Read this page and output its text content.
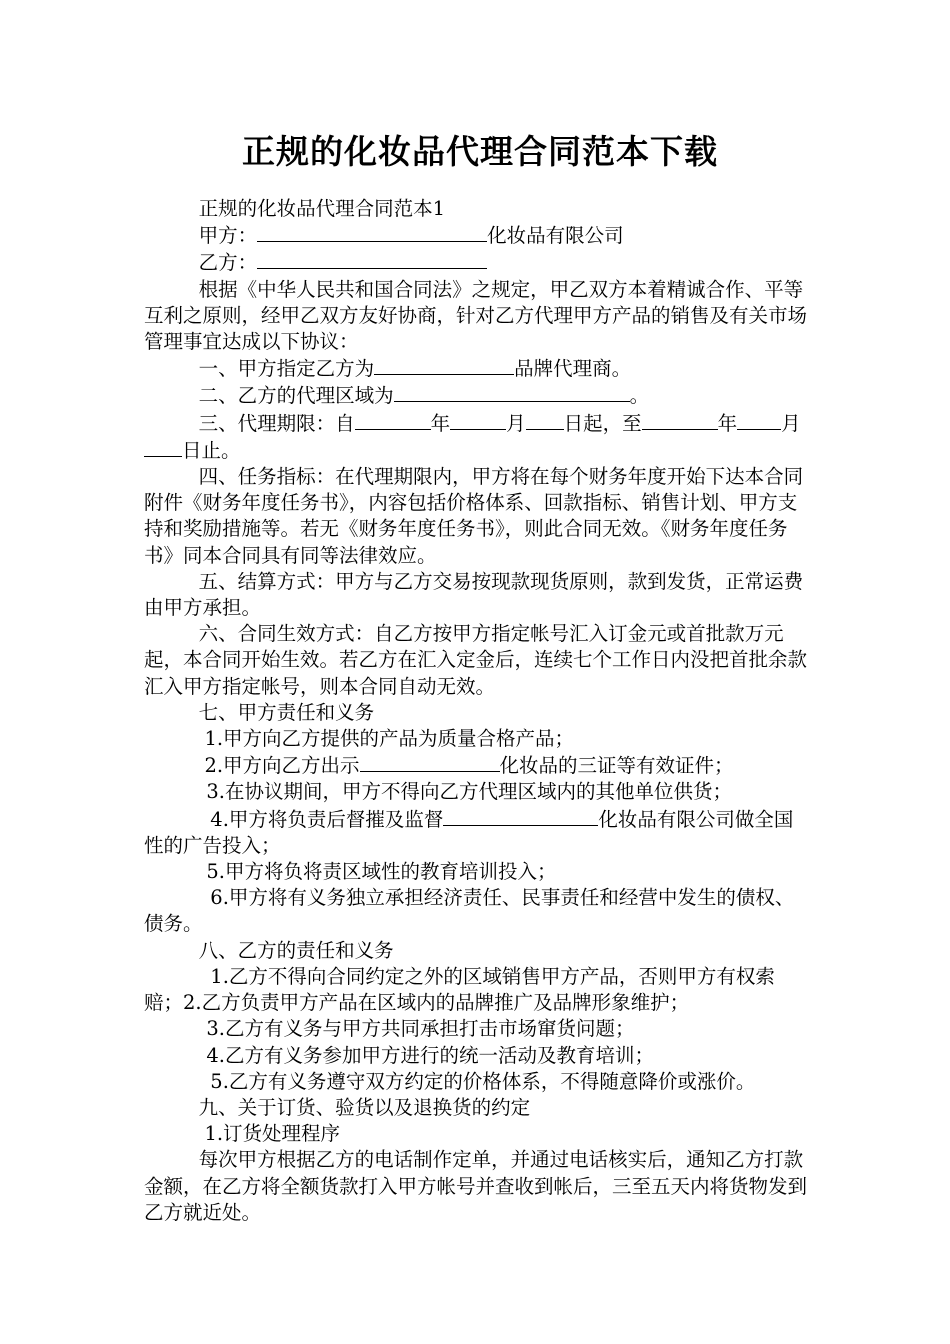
正规的化妆品代理合同范本下载

正规的化妆品代理合同范本1

甲方：	化妆品有限公司

乙方：

根据《中华人民共和国合同法》之规定，甲乙双方本着精诚合作、平等互利之原则，经甲乙双方友好协商，针对乙方代理甲方产品的销售及有关市场管理事宜达成以下协议：

一、甲方指定乙方为	品牌代理商。

二、乙方的代理区域为	。

三、代理期限：自	年	月 日起，至	年 月日止。

四、任务指标：在代理期限内，甲方将在每个财务年度开始下达本合同附件《财务年度任务书》，内容包括价格体系、回款指标、销售计划、甲方支持和奖励措施等。若无《财务年度任务书》，则此合同无效。《财务年度任务书》同本合同具有同等法律效应。

五、结算方式：甲方与乙方交易按现款现货原则，款到发货，正常运费由甲方承担。

六、合同生效方式：自乙方按甲方指定帐号汇入订金元或首批款万元起，本合同开始生效。若乙方在汇入定金后，连续七个工作日内没把首批余款汇入甲方指定帐号，则本合同自动无效。

七、甲方责任和义务

1.甲方向乙方提供的产品为质量合格产品；

2.甲方向乙方出示	化妆品的三证等有效证件；

3.在协议期间，甲方不得向乙方代理区域内的其他单位供货；

4.甲方将负责后督摧及监督	化妆品有限公司做全国性的广告投入；

5.甲方将负将责区域性的教育培训投入；

6.甲方将有义务独立承担经济责任、民事责任和经营中发生的债权、债务。

八、乙方的责任和义务

1.乙方不得向合同约定之外的区域销售甲方产品，否则甲方有权索赔；2.乙方负责甲方产品在区域内的品牌推广及品牌形象维护；

3.乙方有义务与甲方共同承担打击市场窜货问题；

4.乙方有义务参加甲方进行的统一活动及教育培训；

5.乙方有义务遵守双方约定的价格体系，不得随意降价或涨价。

九、关于订货、验货以及退换货的约定

1.订货处理程序

每次甲方根据乙方的电话制作定单，并通过电话核实后，通知乙方打款金额，在乙方将全额货款打入甲方帐号并查收到帐后，三至五天内将货物发到乙方就近处。
